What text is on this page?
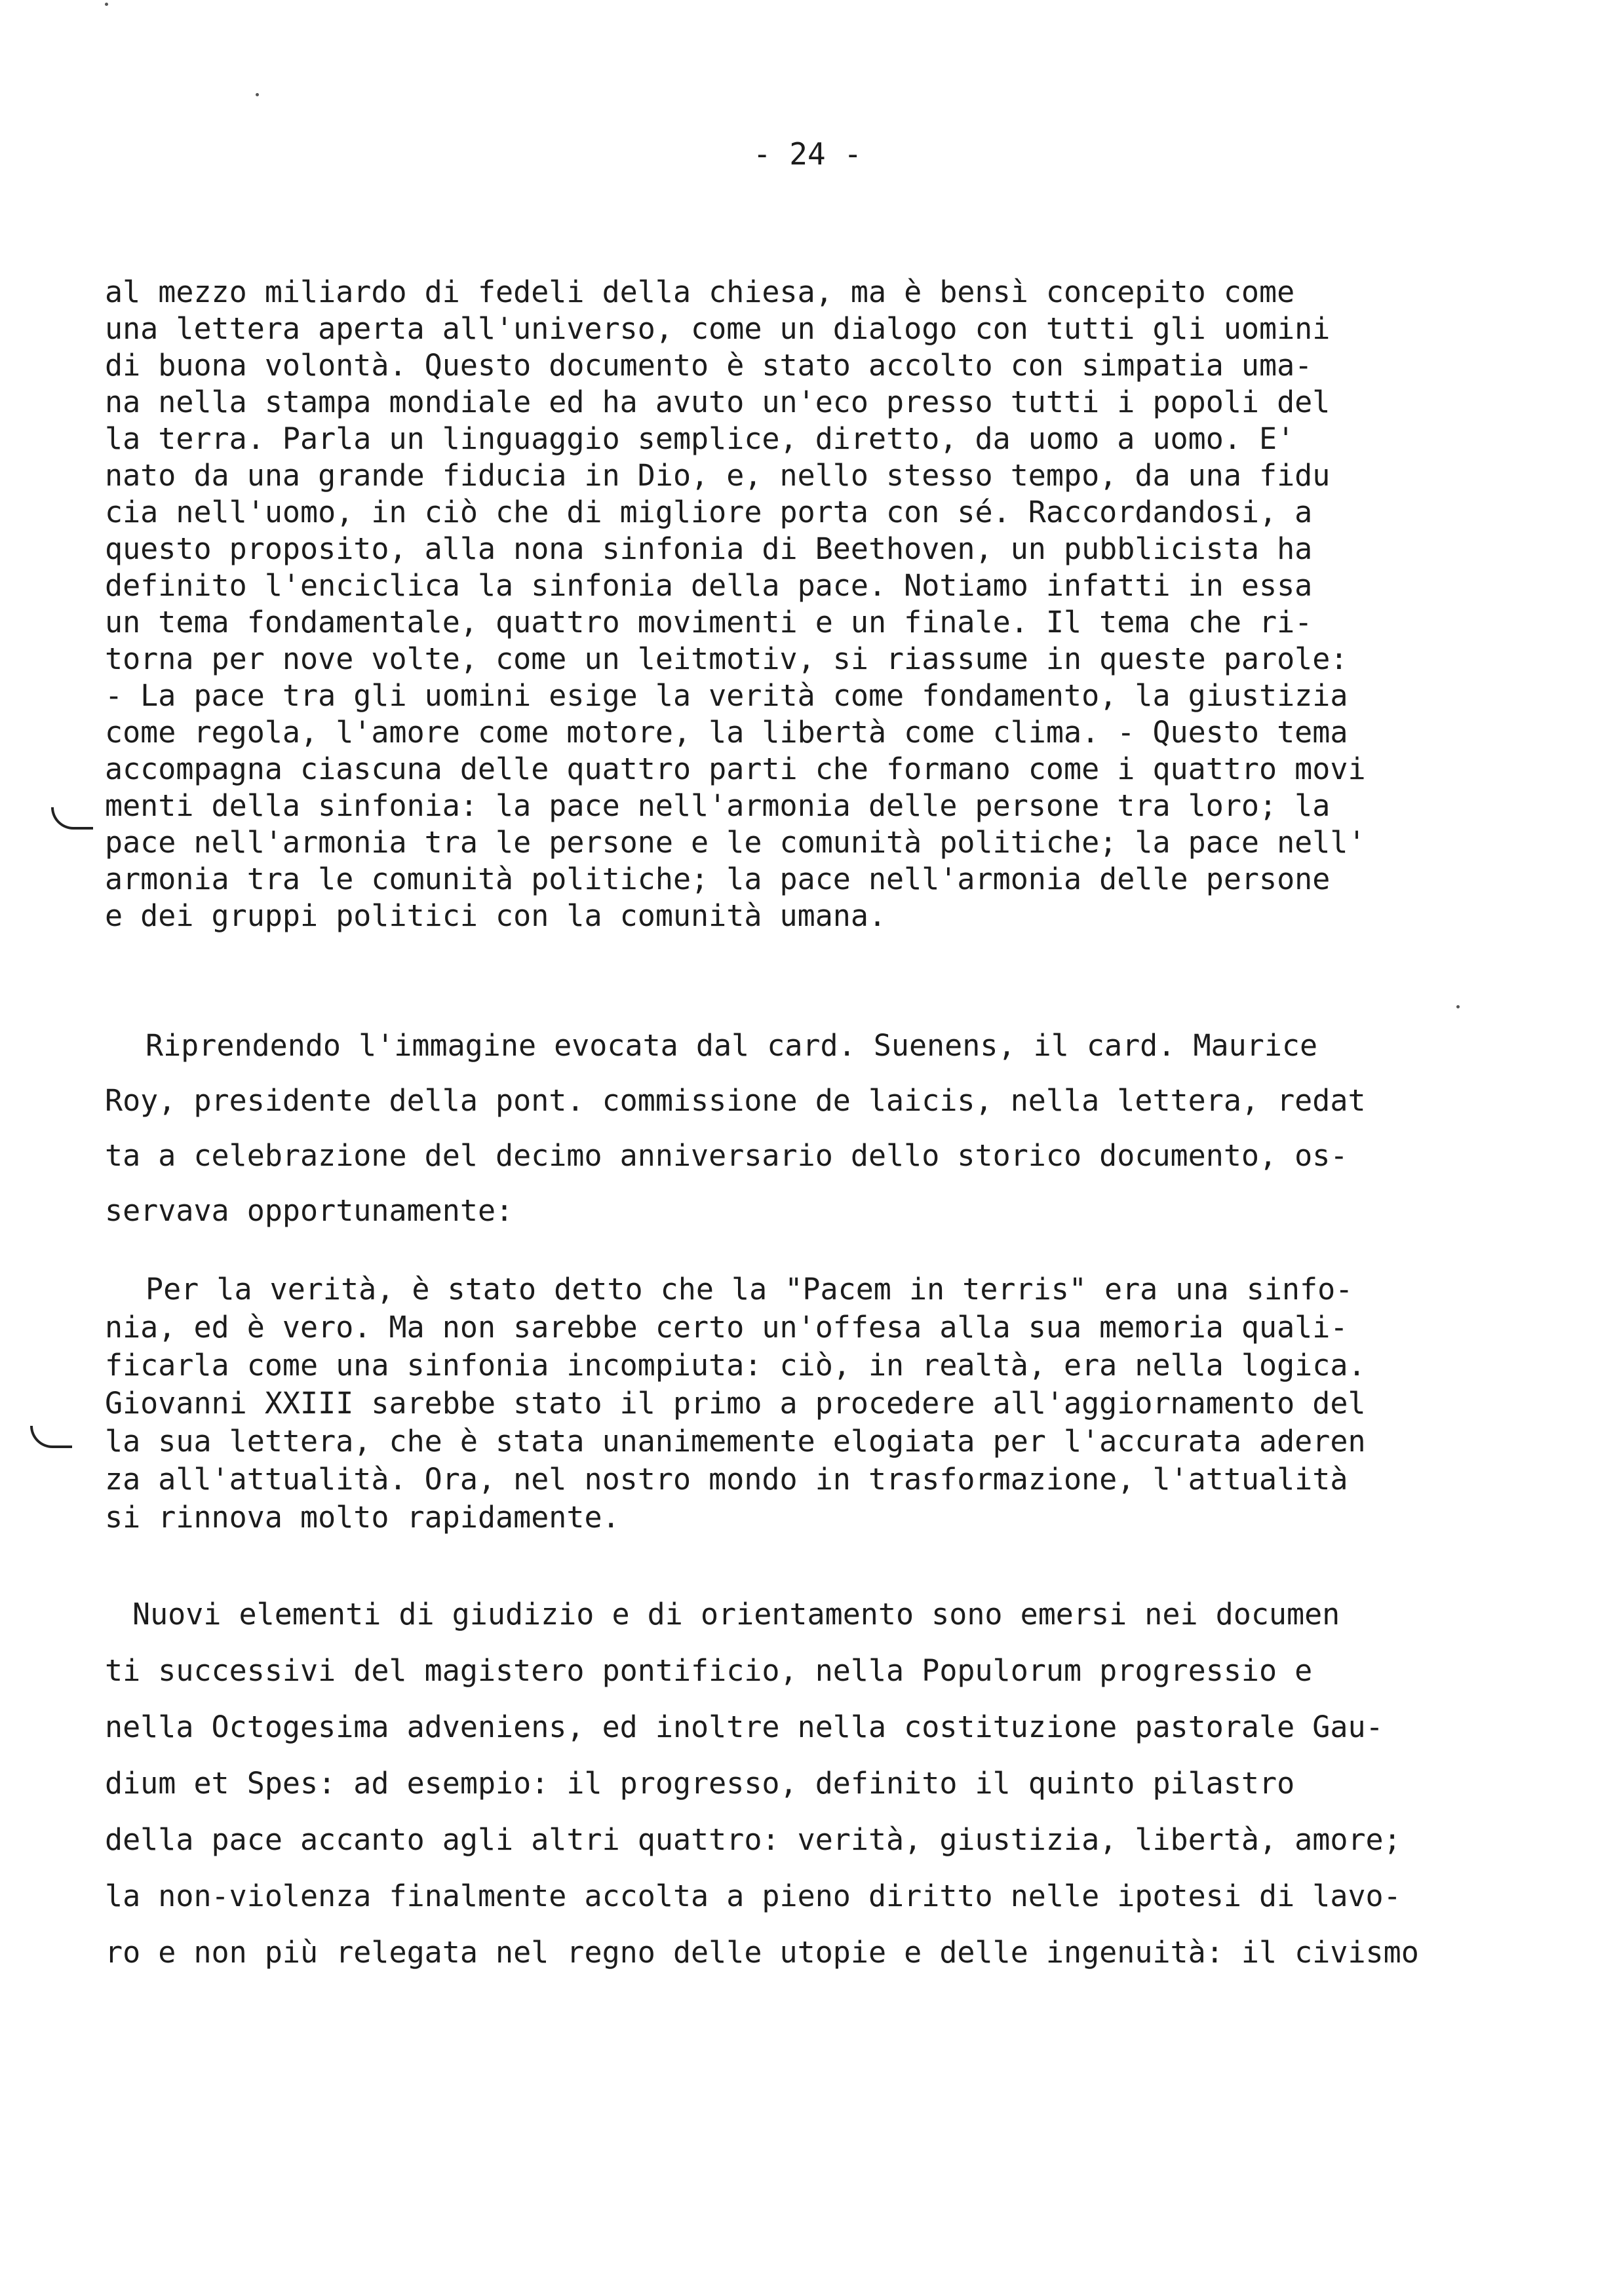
- 24 -
al mezzo miliardo di fedeli della chiesa, ma è bensì concepito come
una lettera aperta all'universo, come un dialogo con tutti gli uomini
di buona volontà. Questo documento è stato accolto con simpatia uma-
na nella stampa mondiale ed ha avuto un'eco presso tutti i popoli del
la terra. Parla un linguaggio semplice, diretto, da uomo a uomo. E'
nato da una grande fiducia in Dio, e, nello stesso tempo, da una fidu
cia nell'uomo, in ciò che di migliore porta con sé. Raccordandosi, a
questo proposito, alla nona sinfonia di Beethoven, un pubblicista ha
definito l'enciclica la sinfonia della pace. Notiamo infatti in essa
un tema fondamentale, quattro movimenti e un finale. Il tema che ri-
torna per nove volte, come un leitmotiv, si riassume in queste parole:
- La pace tra gli uomini esige la verità come fondamento, la giustizia
come regola, l'amore come motore, la libertà come clima. - Questo tema
accompagna ciascuna delle quattro parti che formano come i quattro movi
menti della sinfonia: la pace nell'armonia delle persone tra loro; la
pace nell'armonia tra le persone e le comunità politiche; la pace nell'
armonia tra le comunità politiche; la pace nell'armonia delle persone
e dei gruppi politici con la comunità umana.
Riprendendo l'immagine evocata dal card. Suenens, il card. Maurice
Roy, presidente della pont. commissione de laicis, nella lettera, redat
ta a celebrazione del decimo anniversario dello storico documento, os-
servava opportunamente:
Per la verità, è stato detto che la "Pacem in terris" era una sinfo-
nia, ed è vero. Ma non sarebbe certo un'offesa alla sua memoria quali-
ficarla come una sinfonia incompiuta: ciò, in realtà, era nella logica.
Giovanni XXIII sarebbe stato il primo a procedere all'aggiornamento del
la sua lettera, che è stata unanimemente elogiata per l'accurata aderen
za all'attualità. Ora, nel nostro mondo in trasformazione, l'attualità
si rinnova molto rapidamente.
Nuovi elementi di giudizio e di orientamento sono emersi nei documen
ti successivi del magistero pontificio, nella Populorum progressio e
nella Octogesima adveniens, ed inoltre nella costituzione pastorale Gau-
dium et Spes: ad esempio: il progresso, definito il quinto pilastro
della pace accanto agli altri quattro: verità, giustizia, libertà, amore;
la non-violenza finalmente accolta a pieno diritto nelle ipotesi di lavo-
ro e non più relegata nel regno delle utopie e delle ingenuità: il civismo
